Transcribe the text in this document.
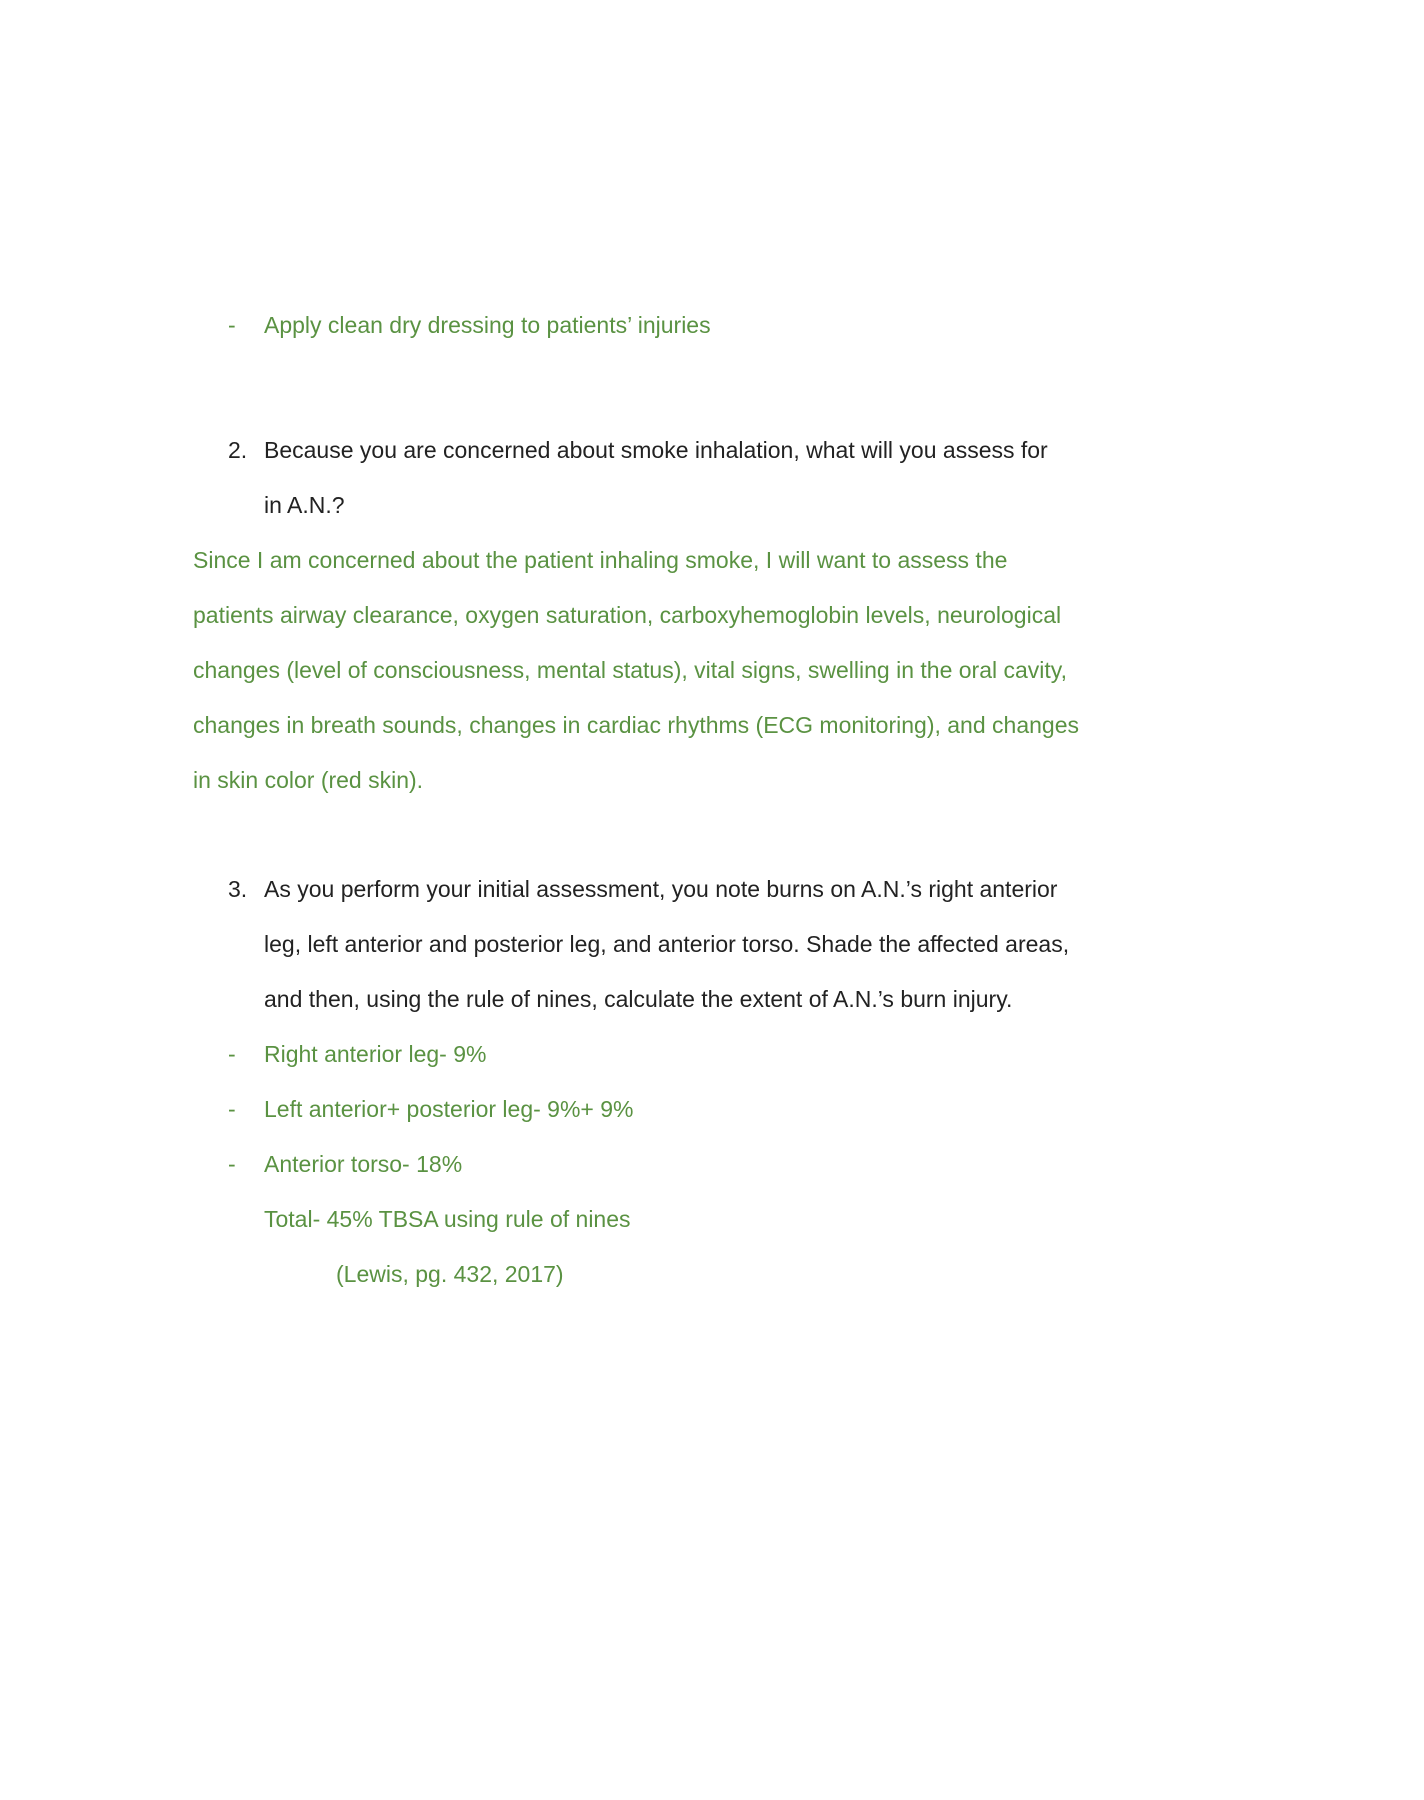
- Apply clean dry dressing to patients’ injuries
2. Because you are concerned about smoke inhalation, what will you assess for
in A.N.?
Since I am concerned about the patient inhaling smoke, I will want to assess the
patients airway clearance, oxygen saturation, carboxyhemoglobin levels, neurological
changes (level of consciousness, mental status), vital signs, swelling in the oral cavity,
changes in breath sounds, changes in cardiac rhythms (ECG monitoring), and changes
in skin color (red skin).
3. As you perform your initial assessment, you note burns on A.N.’s right anterior
leg, left anterior and posterior leg, and anterior torso. Shade the affected areas,
and then, using the rule of nines, calculate the extent of A.N.’s burn injury.
- Right anterior leg- 9%
- Left anterior+ posterior leg- 9%+ 9%
- Anterior torso- 18%
Total- 45% TBSA using rule of nines
(Lewis, pg. 432, 2017)
